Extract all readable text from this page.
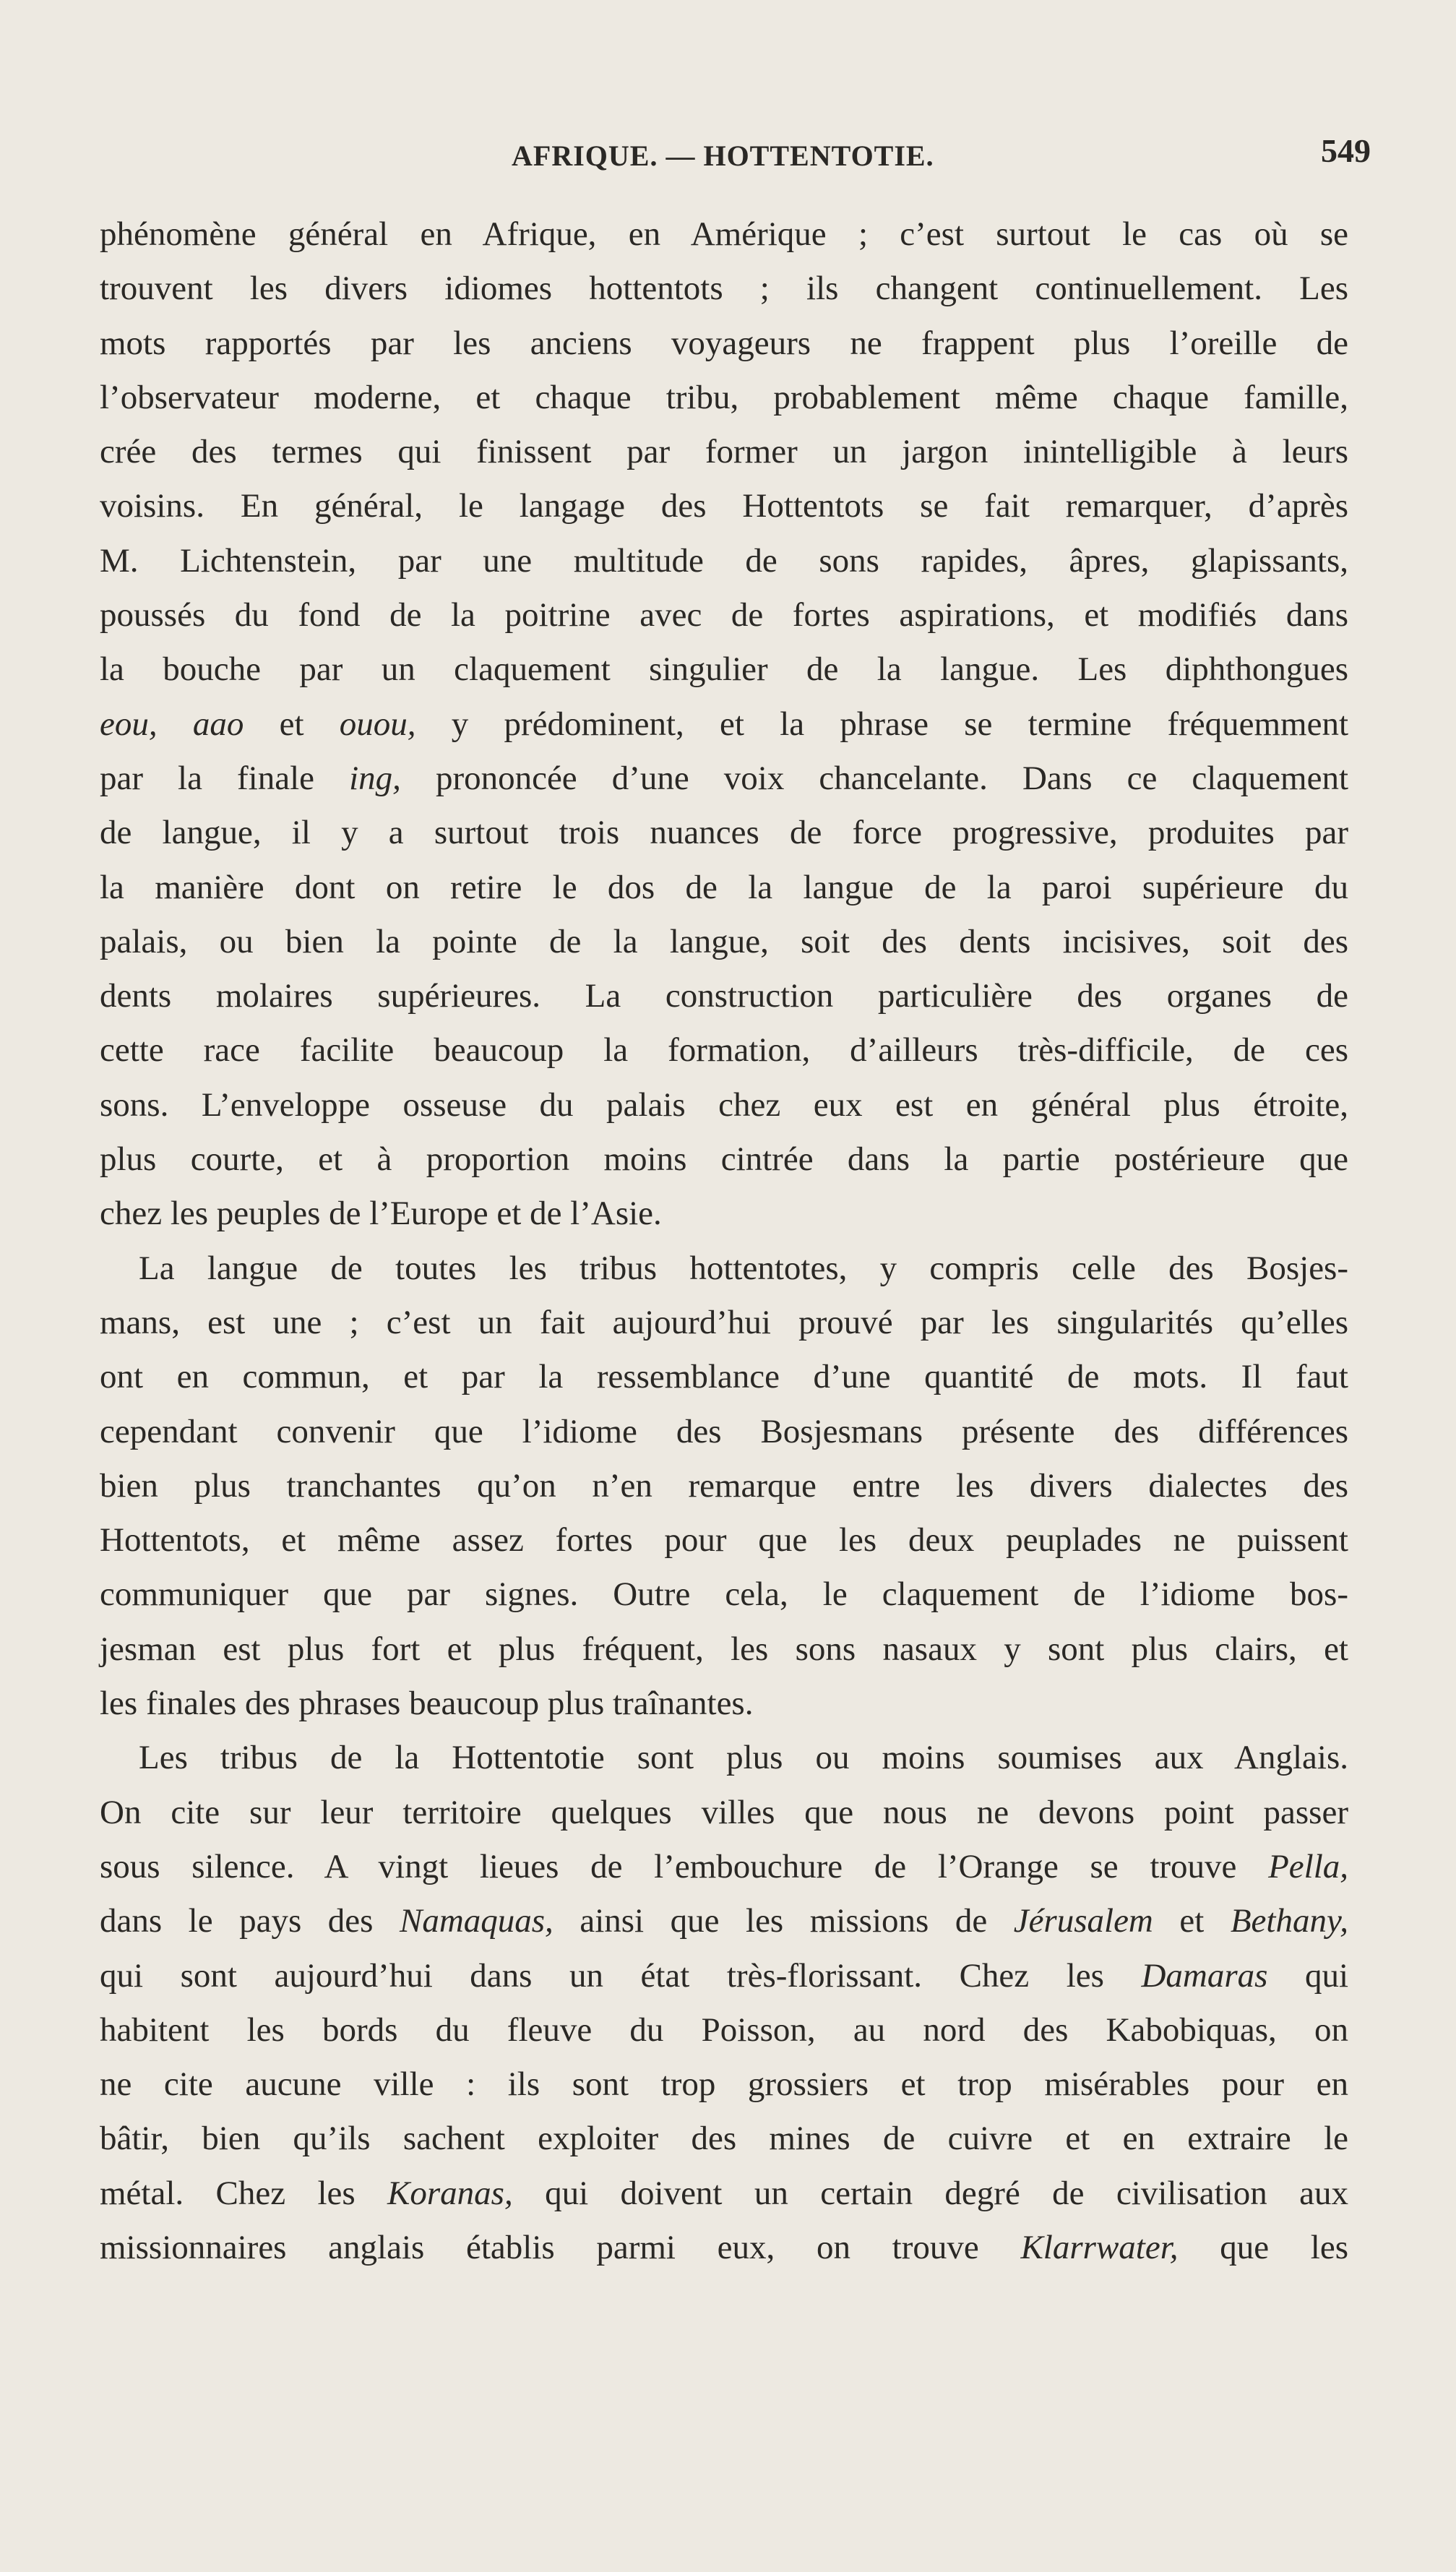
AFRIQUE. — HOTTENTOTIE.	549
phénomène général en Afrique, en Amérique ; c’est surtout le cas où se
trouvent les divers idiomes hottentots ; ils changent continuellement. Les
mots rapportés par les anciens voyageurs ne frappent plus l’oreille de
l’observateur moderne, et chaque tribu, probablement même chaque famille,
crée des termes qui finissent par former un jargon inintelligible à leurs
voisins. En général, le langage des Hottentots se fait remarquer, d’après
M. Lichtenstein, par une multitude de sons rapides, âpres, glapissants,
poussés du fond de la poitrine avec de fortes aspirations, et modifiés dans
la bouche par un claquement singulier de la langue. Les diphthongues
eou, aao et ouou, y prédominent, et la phrase se termine fréquemment
par la finale ing, prononcée d’une voix chancelante. Dans ce claquement
de langue, il y a surtout trois nuances de force progressive, produites par
la manière dont on retire le dos de la langue de la paroi supérieure du
palais, ou bien la pointe de la langue, soit des dents incisives, soit des
dents molaires supérieures. La construction particulière des organes de
cette race facilite beaucoup la formation, d’ailleurs très-difficile, de ces
sons. L’enveloppe osseuse du palais chez eux est en général plus étroite,
plus courte, et à proportion moins cintrée dans la partie postérieure que
chez les peuples de l’Europe et de l’Asie.
La langue de toutes les tribus hottentotes, y compris celle des Bosjes-
mans, est une ; c’est un fait aujourd’hui prouvé par les singularités qu’elles
ont en commun, et par la ressemblance d’une quantité de mots. Il faut
cependant convenir que l’idiome des Bosjesmans présente des différences
bien plus tranchantes qu’on n’en remarque entre les divers dialectes des
Hottentots, et même assez fortes pour que les deux peuplades ne puissent
communiquer que par signes. Outre cela, le claquement de l’idiome bos-
jesman est plus fort et plus fréquent, les sons nasaux y sont plus clairs, et
les finales des phrases beaucoup plus traînantes.
Les tribus de la Hottentotie sont plus ou moins soumises aux Anglais.
On cite sur leur territoire quelques villes que nous ne devons point passer
sous silence. A vingt lieues de l’embouchure de l’Orange se trouve Pella,
dans le pays des Namaquas, ainsi que les missions de Jérusalem et Bethany,
qui sont aujourd’hui dans un état très-florissant. Chez les Damaras qui
habitent les bords du fleuve du Poisson, au nord des Kabobiquas, on
ne cite aucune ville : ils sont trop grossiers et trop misérables pour en
bâtir, bien qu’ils sachent exploiter des mines de cuivre et en extraire le
métal. Chez les Koranas, qui doivent un certain degré de civilisation aux
missionnaires anglais établis parmi eux, on trouve Klarrwater, que les
